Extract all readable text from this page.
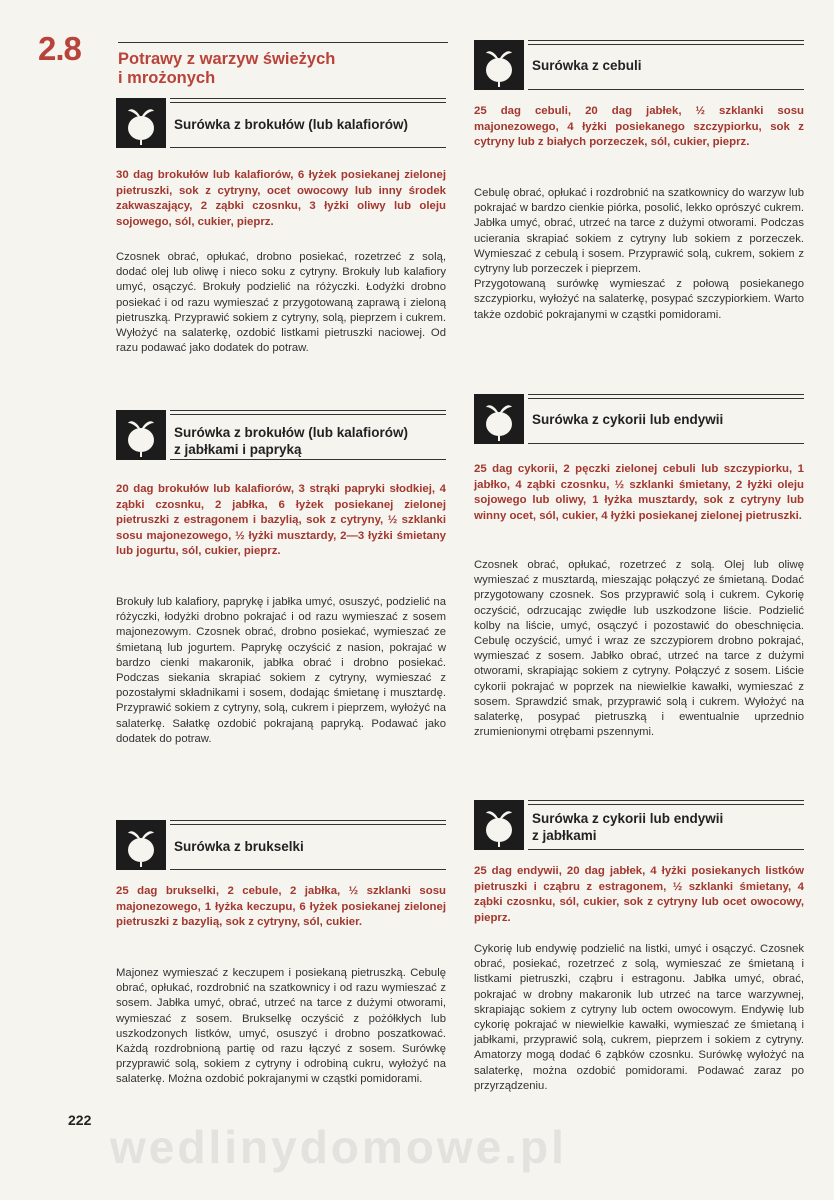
2.8 Potrawy z warzyw świeżych
i mrożonych
Surówka z brokułów (lub kalafiorów)
30 dag brokułów lub kalafiorów, 6 łyżek posiekanej zielonej pietruszki, sok z cytryny, ocet owocowy lub inny środek zakwaszający, 2 ząbki czosnku, 3 łyżki oliwy lub oleju sojowego, sól, cukier, pieprz.
Czosnek obrać, opłukać, drobno posiekać, rozetrzeć z solą, dodać olej lub oliwę i nieco soku z cytryny. Brokuły lub kalafiory umyć, osączyć. Brokuły podzielić na różyczki. Łodyżki drobno posiekać i od razu wymieszać z przygotowaną zaprawą i zieloną pietruszką. Przyprawić sokiem z cytryny, solą, pieprzem i cukrem. Wyłożyć na salaterkę, ozdobić listkami pietruszki naciowej. Od razu podawać jako dodatek do potraw.
Surówka z brokułów (lub kalafiorów)
z jabłkami i papryką
20 dag brokułów lub kalafiorów, 3 strąki papryki słodkiej, 4 ząbki czosnku, 2 jabłka, 6 łyżek posiekanej zielonej pietruszki z estragonem i bazylią, sok z cytryny, ½ szklanki sosu majonezowego, ½ łyżki musztardy, 2—3 łyżki śmietany lub jogurtu, sól, cukier, pieprz.
Brokuły lub kalafiory, paprykę i jabłka umyć, osuszyć, podzielić na różyczki, łodyżki drobno pokrajać i od razu wymieszać z sosem majonezowym. Czosnek obrać, drobno posiekać, wymieszać ze śmietaną lub jogurtem. Paprykę oczyścić z nasion, pokrajać w bardzo cienki makaronik, jabłka obrać i drobno posiekać. Podczas siekania skrapiać sokiem z cytryny, wymieszać z pozostałymi składnikami i sosem, dodając śmietanę i musztardę. Przyprawić sokiem z cytryny, solą, cukrem i pieprzem, wyłożyć na salaterkę. Sałatkę ozdobić pokrajaną papryką. Podawać jako dodatek do potraw.
Surówka z brukselki
25 dag brukselki, 2 cebule, 2 jabłka, ½ szklanki sosu majonezowego, 1 łyżka keczupu, 6 łyżek posiekanej zielonej pietruszki z bazylią, sok z cytryny, sól, cukier.
Majonez wymieszać z keczupem i posiekaną pietruszką. Cebulę obrać, opłukać, rozdrobnić na szatkownicy i od razu wymieszać z sosem. Jabłka umyć, obrać, utrzeć na tarce z dużymi otworami, wymieszać z sosem. Brukselkę oczyścić z pożółkłych lub uszkodzonych listków, umyć, osuszyć i drobno poszatkować. Każdą rozdrobnioną partię od razu łączyć z sosem. Surówkę przyprawić solą, sokiem z cytryny i odrobiną cukru, wyłożyć na salaterkę. Można ozdobić pokrajanymi w cząstki pomidorami.
Surówka z cebuli
25 dag cebuli, 20 dag jabłek, ½ szklanki sosu majonezowego, 4 łyżki posiekanego szczypiorku, sok z cytryny lub z białych porzeczek, sól, cukier, pieprz.
Cebulę obrać, opłukać i rozdrobnić na szatkownicy do warzyw lub pokrajać w bardzo cienkie piórka, posolić, lekko oprószyć cukrem. Jabłka umyć, obrać, utrzeć na tarce z dużymi otworami. Podczas ucierania skrapiać sokiem z cytryny lub sokiem z porzeczek. Wymieszać z cebulą i sosem. Przyprawić solą, cukrem, sokiem z cytryny lub porzeczek i pieprzem.
Przygotowaną surówkę wymieszać z połową posiekanego szczypiorku, wyłożyć na salaterkę, posypać szczypiorkiem. Warto także ozdobić pokrajanymi w cząstki pomidorami.
Surówka z cykorii lub endywii
25 dag cykorii, 2 pęczki zielonej cebuli lub szczypiorku, 1 jabłko, 4 ząbki czosnku, ½ szklanki śmietany, 2 łyżki oleju sojowego lub oliwy, 1 łyżka musztardy, sok z cytryny lub winny ocet, sól, cukier, 4 łyżki posiekanej zielonej pietruszki.
Czosnek obrać, opłukać, rozetrzeć z solą. Olej lub oliwę wymieszać z musztardą, mieszając połączyć ze śmietaną. Dodać przygotowany czosnek. Sos przyprawić solą i cukrem. Cykorię oczyścić, odrzucając zwiędłe lub uszkodzone liście. Podzielić kolby na liście, umyć, osączyć i pozostawić do obeschnięcia. Cebulę oczyścić, umyć i wraz ze szczypiorem drobno pokrajać, wymieszać z sosem. Jabłko obrać, utrzeć na tarce z dużymi otworami, skrapiając sokiem z cytryny. Połączyć z sosem. Liście cykorii pokrajać w poprzek na niewielkie kawałki, wymieszać z sosem. Sprawdzić smak, przyprawić solą i cukrem. Wyłożyć na salaterkę, posypać pietruszką i ewentualnie uprzednio zrumienionymi otrębami pszennymi.
Surówka z cykorii lub endywii
z jabłkami
25 dag endywii, 20 dag jabłek, 4 łyżki posiekanych listków pietruszki i cząbru z estragonem, ½ szklanki śmietany, 4 ząbki czosnku, sól, cukier, sok z cytryny lub ocet owocowy, pieprz.
Cykorię lub endywię podzielić na listki, umyć i osączyć. Czosnek obrać, posiekać, rozetrzeć z solą, wymieszać ze śmietaną i listkami pietruszki, cząbru i estragonu. Jabłka umyć, obrać, pokrajać w drobny makaronik lub utrzeć na tarce warzywnej, skrapiając sokiem z cytryny lub octem owocowym. Endywię lub cykorię pokrajać w niewielkie kawałki, wymieszać ze śmietaną i jabłkami, przyprawić solą, cukrem, pieprzem i sokiem z cytryny. Amatorzy mogą dodać 6 ząbków czosnku. Surówkę wyłożyć na salaterkę, można ozdobić pomidorami. Podawać zaraz po przyrządzeniu.
222
wedlinydomowe.pl
